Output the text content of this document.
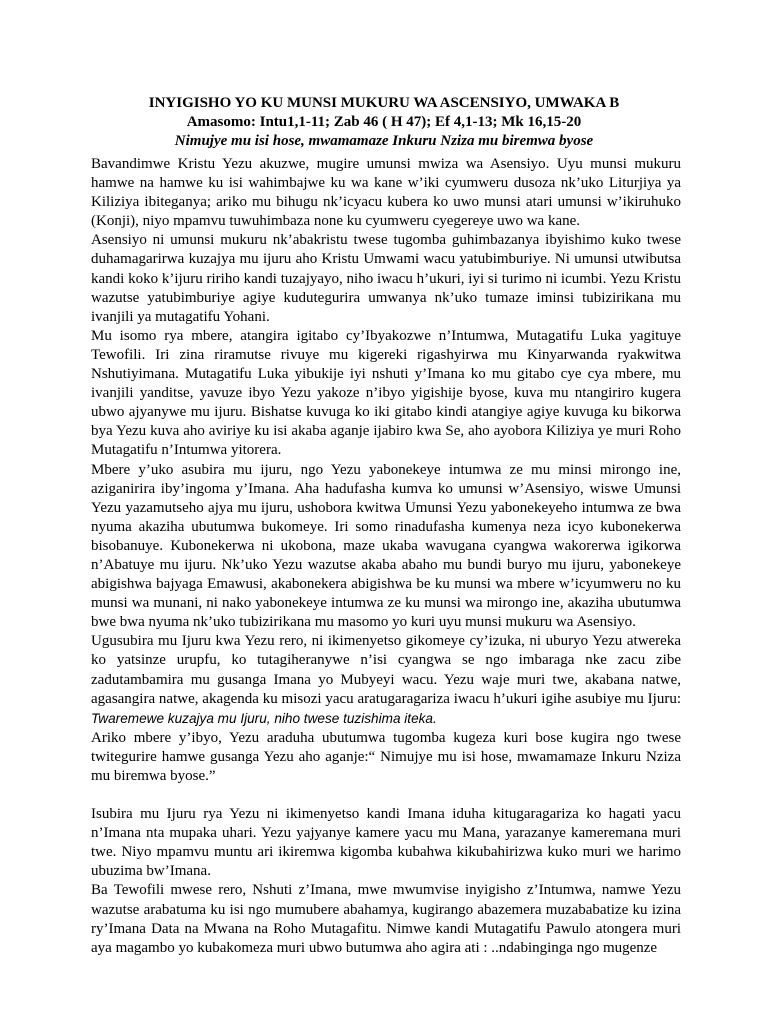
INYIGISHO YO KU MUNSI MUKURU WA ASCENSIYO, UMWAKA B
Amasomo: Intu1,1-11; Zab 46 ( H 47); Ef 4,1-13; Mk 16,15-20
Nimujye mu isi hose, mwamamaze Inkuru Nziza mu biremwa byose

Bavandimwe Kristu Yezu akuzwe, mugire umunsi mwiza wa Asensiyo. Uyu munsi mukuru hamwe na hamwe ku isi wahimbajwe ku wa kane w’iki cyumweru dusoza nk’uko Liturjiya ya Kiliziya ibiteganya; ariko mu bihugu nk’icyacu kubera ko uwo munsi atari umunsi w’ikiruhuko (Konji), niyo mpamvu tuwuhimbaza none ku cyumweru cyegereye uwo wa kane.

Asensiyo ni umunsi mukuru nk’abakristu twese tugomba guhimbazanya ibyishimo kuko twese duhamagarirwa kuzajya mu ijuru aho Kristu Umwami wacu yatubimburiye. Ni umunsi utwibutsa kandi koko k’ijuru ririho kandi tuzajyayo, niho iwacu h’ukuri, iyi si turimo ni icumbi. Yezu Kristu wazutse yatubimburiye agiye kudutegurira umwanya nk’uko tumaze iminsi tubizirikana mu ivanjili ya mutagatifu Yohani.

Mu isomo rya mbere, atangira igitabo cy’Ibyakozwe n’Intumwa, Mutagatifu Luka yagituye Tewofili. Iri zina riramutse rivuye mu kigereki rigashyirwa mu Kinyarwanda ryakwitwa Nshutiyimana. Mutagatifu Luka yibukije iyi nshuti y’Imana ko mu gitabo cye cya mbere, mu ivanjili yanditse, yavuze ibyo Yezu yakoze n’ibyo yigishije byose, kuva mu ntangiriro kugera ubwo ajyanywe mu ijuru. Bishatse kuvuga ko iki gitabo kindi atangiye agiye kuvuga ku bikorwa bya Yezu kuva aho aviriye ku isi akaba aganje ijabiro kwa Se, aho ayobora Kiliziya ye muri Roho Mutagatifu n’Intumwa yitorera.

Mbere y’uko asubira mu ijuru, ngo Yezu yabonekeye intumwa ze mu minsi mirongo ine, aziganirira iby’ingoma y’Imana. Aha hadufasha kumva ko umunsi w’Asensiyo, wiswe Umunsi Yezu yazamutseho ajya mu ijuru, ushobora kwitwa Umunsi Yezu yabonekeyeho intumwa ze bwa nyuma akaziha ubutumwa bukomeye. Iri somo rinadufasha kumenya neza icyo kubonekerwa bisobanuye. Kubonekerwa ni ukobona, maze ukaba wavugana cyangwa wakorerwa igikorwa n’Abatuye mu ijuru. Nk’uko Yezu wazutse akaba abaho mu bundi buryo mu ijuru, yabonekeye abigishwa bajyaga Emawusi, akabonekera abigishwa be ku munsi wa mbere w’icyumweru no ku munsi wa munani, ni nako yabonekeye intumwa ze ku munsi wa mirongo ine, akaziha ubutumwa bwe bwa nyuma nk’uko tubizirikana mu masomo yo kuri uyu munsi mukuru wa Asensiyo.

Ugusubira mu Ijuru kwa Yezu rero, ni ikimenyetso gikomeye cy’izuka, ni uburyo Yezu atwereka ko yatsinze urupfu, ko tutagiheranywe n’isi cyangwa se ngo imbaraga nke zacu zibe zadutambamira mu gusanga Imana yo Mubyeyi wacu. Yezu waje muri twe, akabana natwe, agasangira natwe, akagenda ku misozi yacu aratugaragariza iwacu h’ukuri igihe asubiye mu Ijuru: Twaremewe kuzajya mu Ijuru, niho twese tuzishima iteka.

Ariko mbere y’ibyo, Yezu araduha ubutumwa tugomba kugeza kuri bose kugira ngo twese twitegurire hamwe gusanga Yezu aho aganje:“ Nimujye mu isi hose, mwamamaze Inkuru Nziza mu biremwa byose.”

Isubira mu Ijuru rya Yezu ni ikimenyetso kandi Imana iduha kitugaragariza ko hagati yacu n’Imana nta mupaka uhari. Yezu yajyanye kamere yacu mu Mana, yarazanye kameremana muri twe. Niyo mpamvu muntu ari ikiremwa kigomba kubahwa kikubahirizwa kuko muri we harimo ubuzima bw’Imana.

Ba Tewofili mwese rero, Nshuti z’Imana, mwe mwumvise inyigisho z’Intumwa, namwe Yezu wazutse arabatuma ku isi ngo mumubere abahamya, kugirango abazemera muzababatize ku izina ry’Imana Data na Mwana na Roho Mutagafitu. Nimwe kandi Mutagatifu Pawulo atongera muri aya magambo yo kubakomeza muri ubwo butumwa aho agira ati : ..ndabinginga ngo mugenze
